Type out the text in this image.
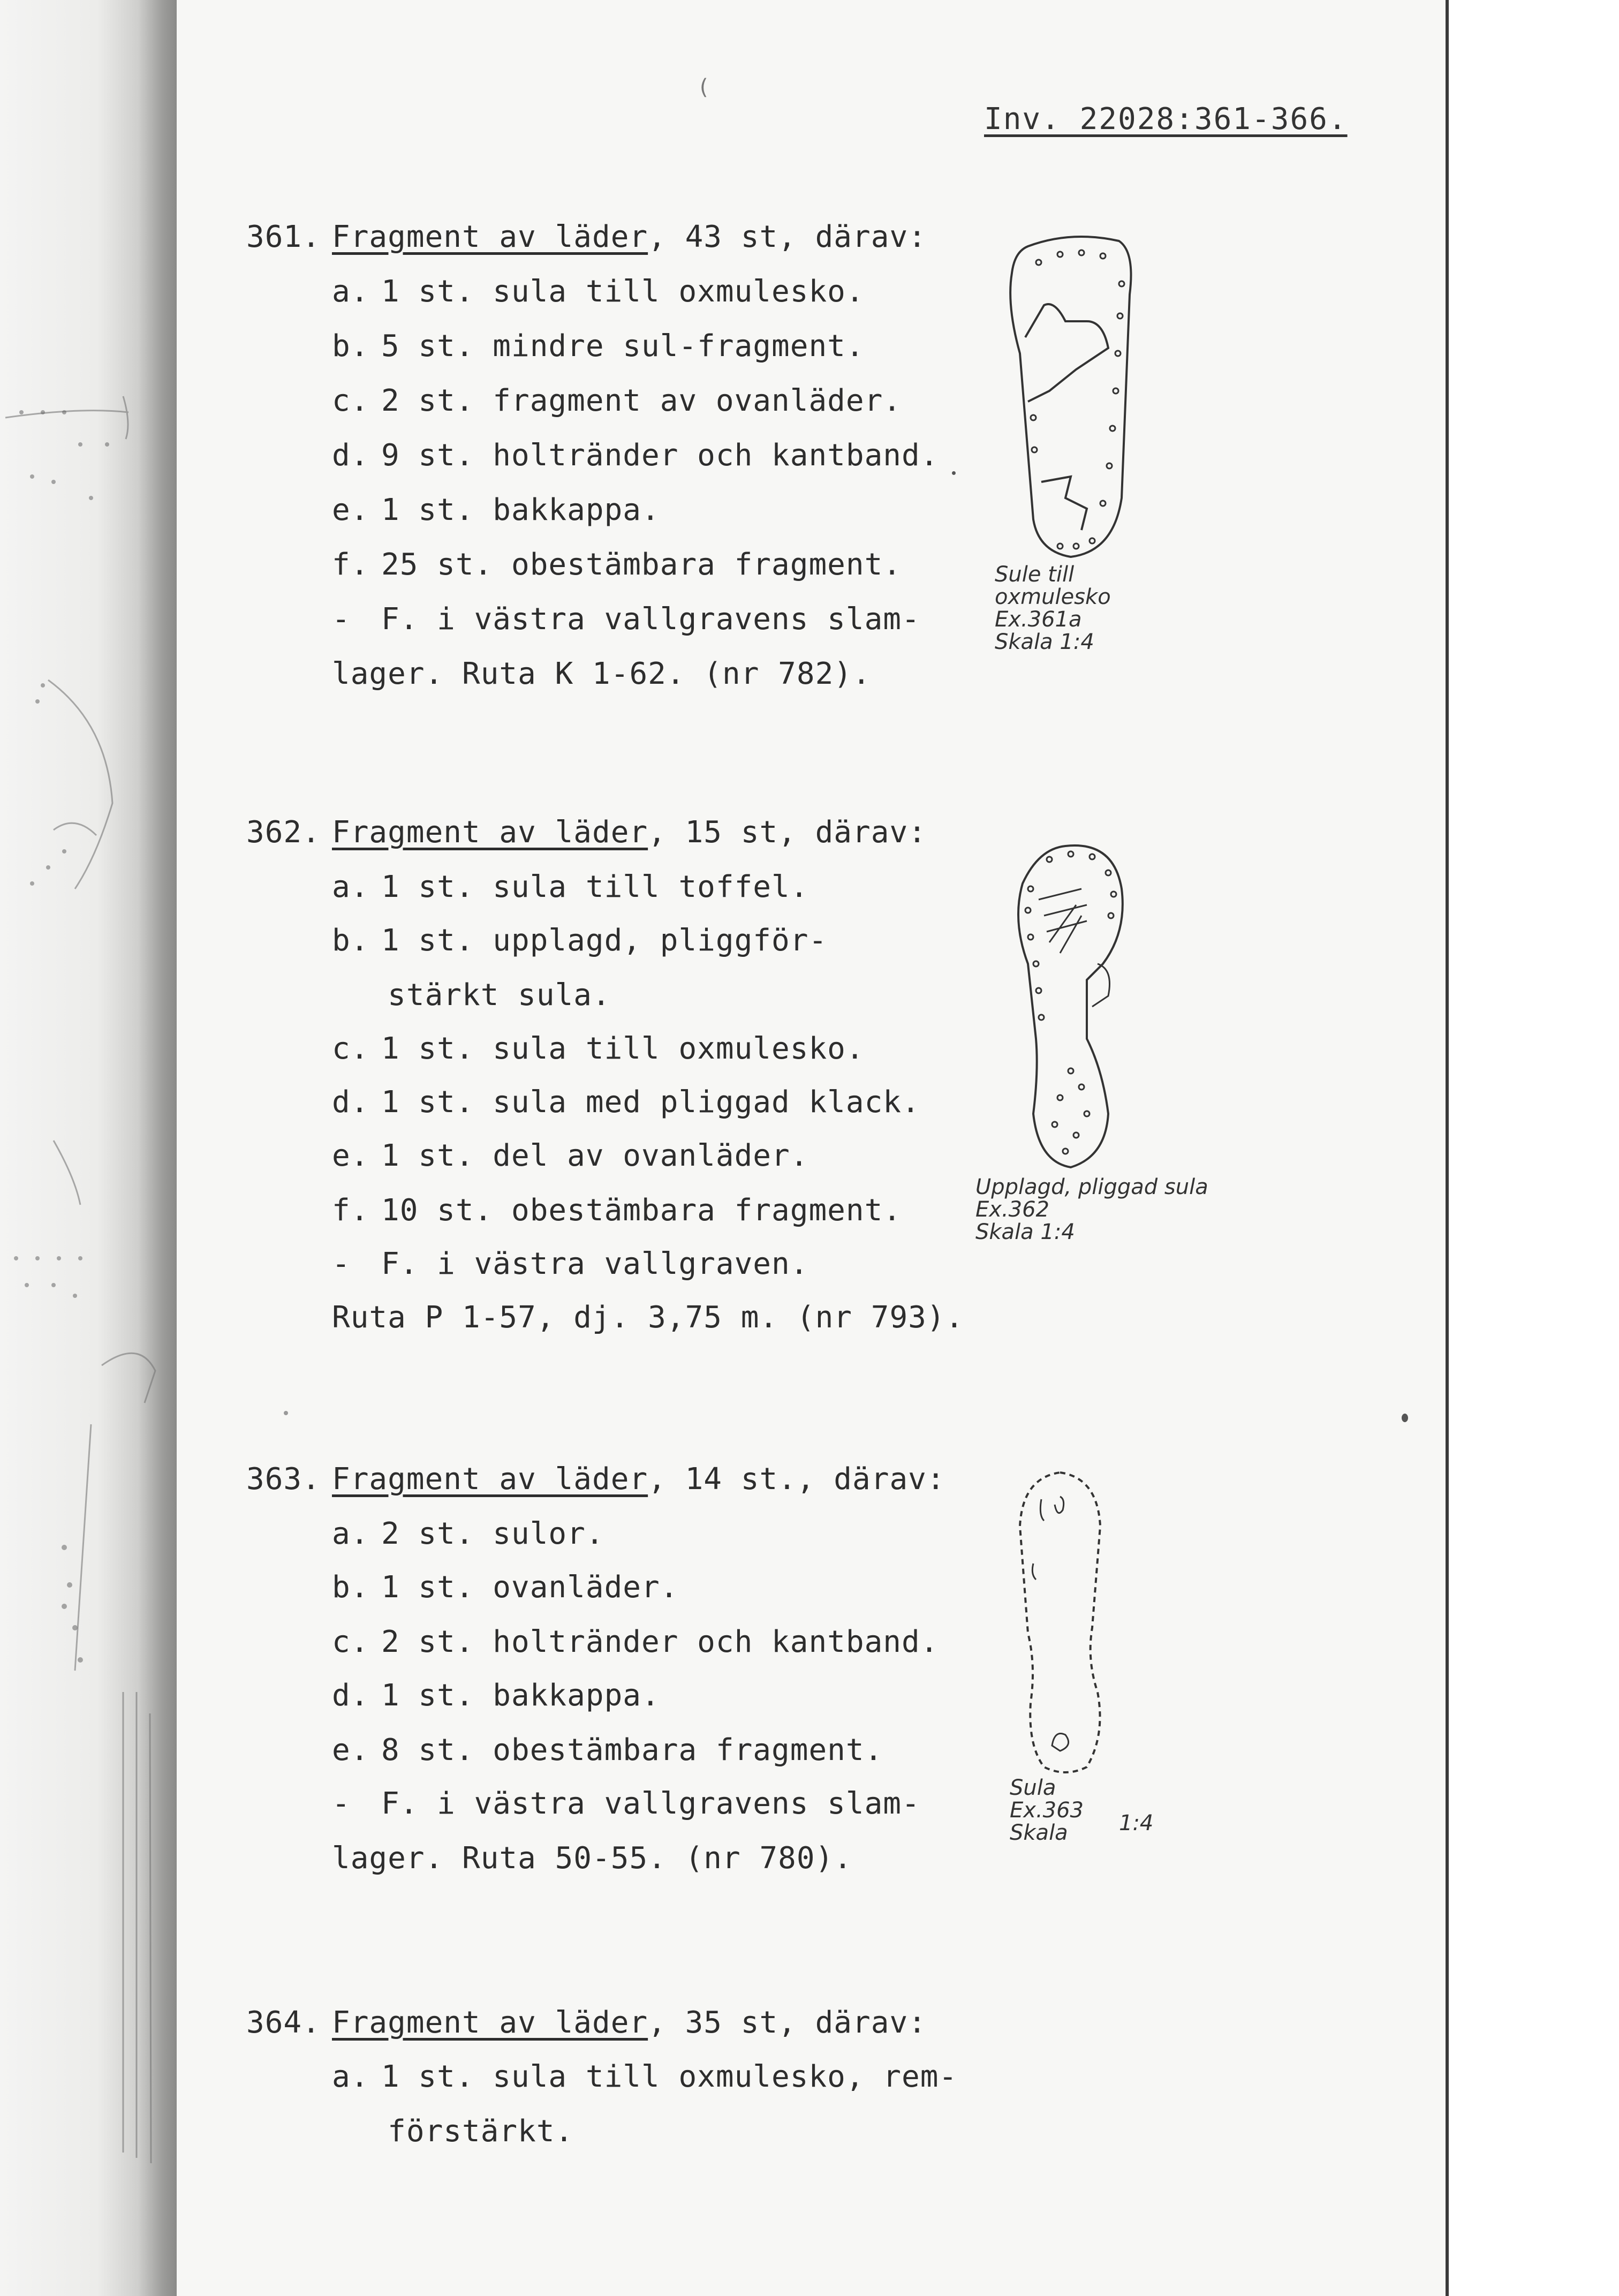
(
Inv. 22028:361-366.
361. Fragment av läder, 43 st, därav:
a. 1 st. sula till oxmulesko.
b. 5 st. mindre sul-fragment.
c. 2 st. fragment av ovanläder.
d. 9 st. holtränder och kantband.
e. 1 st. bakkappa.
f. 25 st. obestämbara fragment.
- F. i västra vallgravens slam-
lager. Ruta K 1-62. (nr 782).
Sule till
oxmulesko
Ex.361a
Skala 1:4
362. Fragment av läder, 15 st, därav:
a. 1 st. sula till toffel.
b. 1 st. upplagd, pliggför-
stärkt sula.
c. 1 st. sula till oxmulesko.
d. 1 st. sula med pliggad klack.
e. 1 st. del av ovanläder.
f. 10 st. obestämbara fragment.
- F. i västra vallgraven.
Ruta P 1-57, dj. 3,75 m. (nr 793).
Upplagd, pliggad sula
Ex.362
Skala 1:4
363. Fragment av läder, 14 st., därav:
a. 2 st. sulor.
b. 1 st. ovanläder.
c. 2 st. holtränder och kantband.
d. 1 st. bakkappa.
e. 8 st. obestämbara fragment.
- F. i västra vallgravens slam-
lager. Ruta 50-55. (nr 780).
Sula
Ex.363
Skala	1:4
364. Fragment av läder, 35 st, därav:
a. 1 st. sula till oxmulesko, rem-
förstärkt.
